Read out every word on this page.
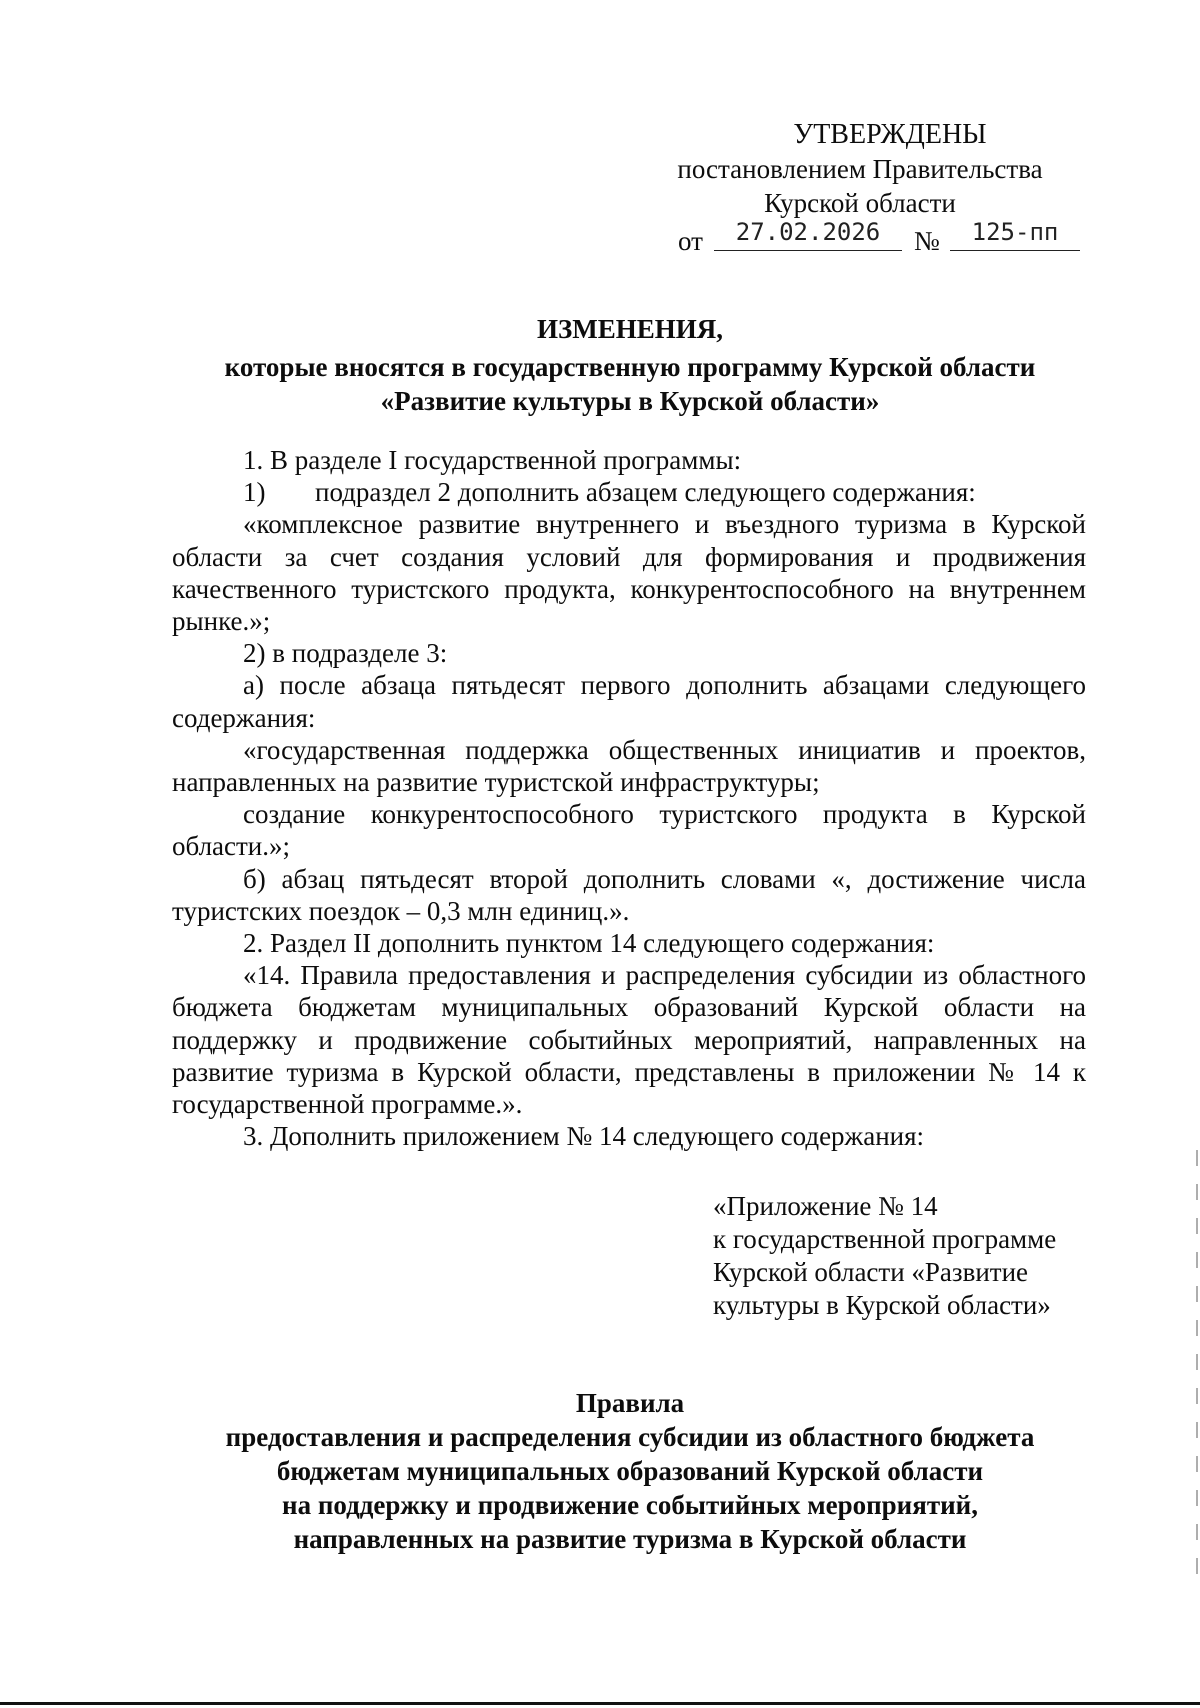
УТВЕРЖДЕНЫ
постановлением Правительства
Курской области
от	27.02.2026	№	125-пп
ИЗМЕНЕНИЯ,
которые вносятся в государственную программу Курской области
«Развитие культуры в Курской области»

1. В разделе I государственной программы:

1) подраздел 2 дополнить абзацем следующего содержания:

«комплексное развитие внутреннего и въездного туризма в Курской области за счет создания условий для формирования и продвижения качественного туристского продукта, конкурентоспособного на внутреннем рынке.»;

2) в подразделе 3:

а) после абзаца пятьдесят первого дополнить абзацами следующего содержания:

«государственная поддержка общественных инициатив и проектов, направленных на развитие туристской инфраструктуры;

создание конкурентоспособного туристского продукта в Курской области.»;

б) абзац пятьдесят второй дополнить словами «, достижение числа туристских поездок – 0,3 млн единиц.».

2. Раздел II дополнить пунктом 14 следующего содержания:

«14. Правила предоставления и распределения субсидии из областного бюджета бюджетам муниципальных образований Курской области на поддержку и продвижение событийных мероприятий, направленных на развитие туризма в Курской области, представлены в приложении № 14 к государственной программе.».

3. Дополнить приложением № 14 следующего содержания:

«Приложение № 14
к государственной программе
Курской области «Развитие
культуры в Курской области»
Правила
предоставления и распределения субсидии из областного бюджета
бюджетам муниципальных образований Курской области
на поддержку и продвижение событийных мероприятий,
направленных на развитие туризма в Курской области
